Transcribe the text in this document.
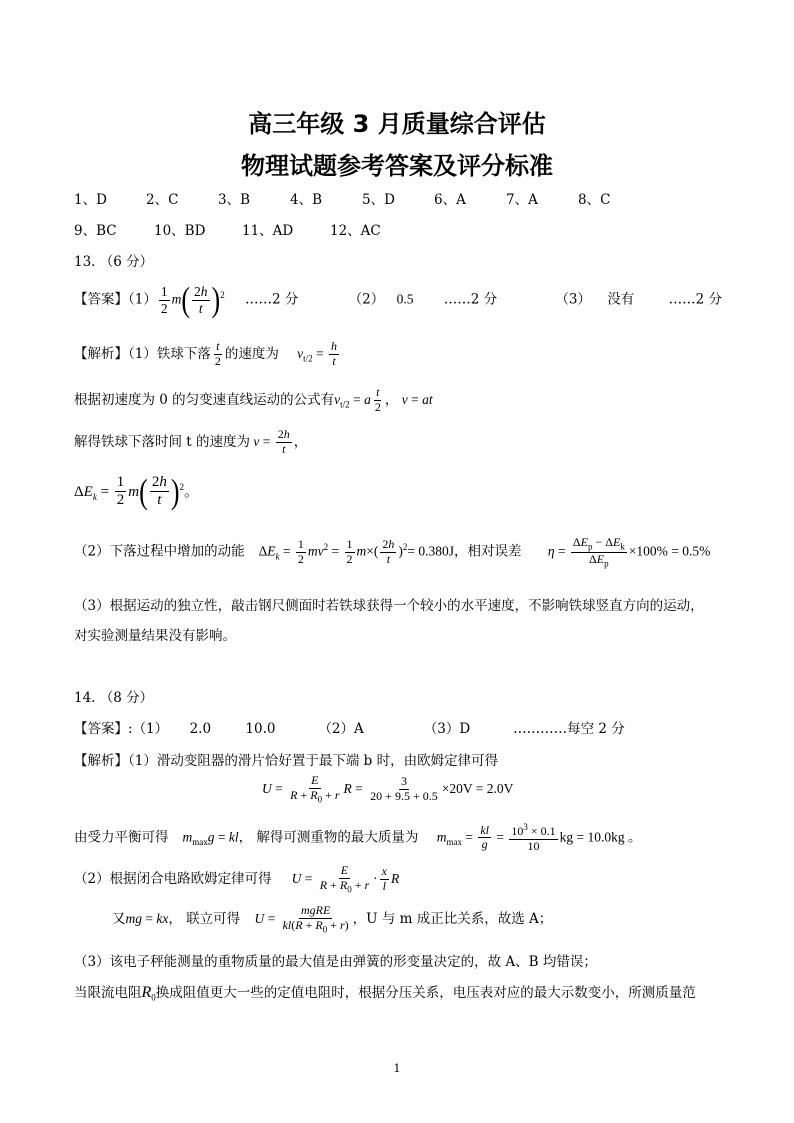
高三年级 3 月质量综合评估
物理试题参考答案及评分标准
1、D	2、C	3、B	4、B	5、D	6、A	7、A	8、C
9、BC	10、BD	11、AD	12、AC
13. （6 分）
【答案】$(1) \frac{1}{2} m( \frac{2h}{t} )^2$ ……2 分	（2） 0.5 ……2 分	（3） 没有	……2 分
【解析】（1）铁球下落 $\frac{t}{2}$ 的速度为 $v_{t/2} = \frac{h}{t}$
根据初速度为 0 的匀变速直线运动的公式有$v_{t/2} = a \frac{t}{2}$ ， v = at
解得铁球下落时间 t 的速度为 $v = \frac{2h}{t}$ ，
$\Delta E_k = \frac{1}{2} m( \frac{2h}{t} )^2$。
（2）下落过程中增加的动能 $\Delta E_k = \frac{1}{2} mv^2 = \frac{1}{2} m\times( \frac{2h}{t} )^2= 0.380J$，相对误差 $\eta = \frac{\Delta E_p - \Delta E_k}{\Delta E_p} \times 100\% = 0.5\%$
（3）根据运动的独立性，敲击钢尺侧面时若铁球获得一个较小的水平速度，不影响铁球竖直方向的运动，
对实验测量结果没有影响。
14. （8 分）
【答案】:（1）     2.0        10.0          （2）A              （3）D          …………每空 2 分
【解析】（1）滑动变阻器的滑片恰好置于最下端 b 时，由欧姆定律可得
$U = \frac{E}{R + R_0 + r}$ $R = \frac{3}{20 + 9.5 + 0.5} \times 20V = 2.0V$
由受力平衡可得 $m_{max}g$ = kl， 解得可测重物的最大质量为 $m_{max} = \frac{kl}{g} = \frac{10^3 \times 0.1}{10}$ kg = 10.0kg 。
（2）根据闭合电路欧姆定律可得 $U = \frac{E}{R + R_0 + r} \cdot \frac{x}{l}$ R
又mg = kx， 联立可得 $U = \frac{\text{mgRE}}{kl(R + R_0 + r)}$ ，U 与 m 成正比关系，故选 A；
（3）该电子秤能测量的重物质量的最大值是由弹簧的形变量决定的，故 A、B 均错误；
当限流电阻$R_0$换成阻值更大一些的定值电阻时，根据分压关系，电压表对应的最大示数变小，所测质量范
1
